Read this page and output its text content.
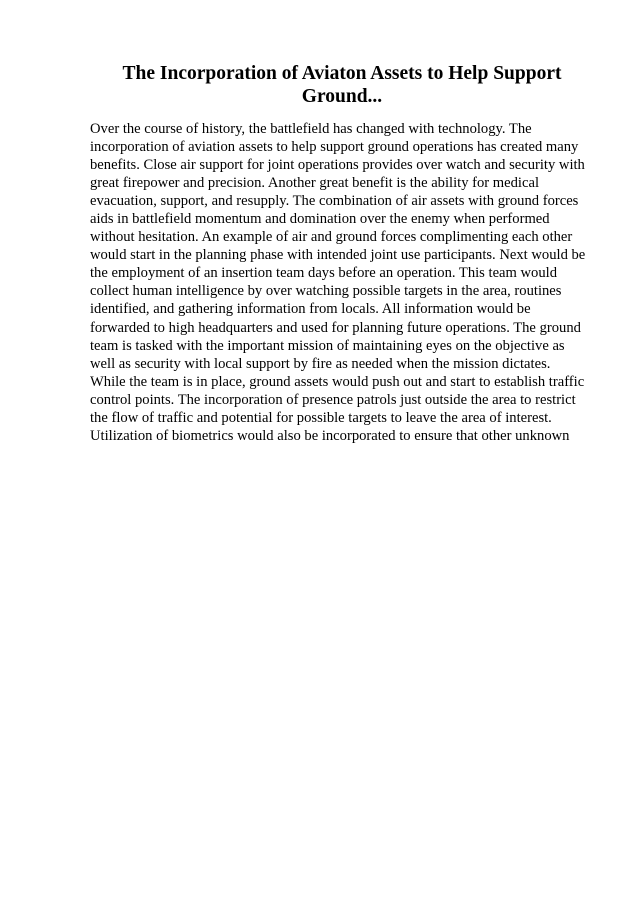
The Incorporation of Aviaton Assets to Help Support
Ground...
Over the course of history, the battlefield has changed with technology. The
incorporation of aviation assets to help support ground operations has created many
benefits. Close air support for joint operations provides over watch and security with
great firepower and precision. Another great benefit is the ability for medical
evacuation, support, and resupply. The combination of air assets with ground forces
aids in battlefield momentum and domination over the enemy when performed
without hesitation. An example of air and ground forces complimenting each other
would start in the planning phase with intended joint use participants. Next would be
the employment of an insertion team days before an operation. This team would
collect human intelligence by over watching possible targets in the area, routines
identified, and gathering information from locals. All information would be
forwarded to high headquarters and used for planning future operations. The ground
team is tasked with the important mission of maintaining eyes on the objective as
well as security with local support by fire as needed when the mission dictates.
While the team is in place, ground assets would push out and start to establish traffic
control points. The incorporation of presence patrols just outside the area to restrict
the flow of traffic and potential for possible targets to leave the area of interest.
Utilization of biometrics would also be incorporated to ensure that other unknown
